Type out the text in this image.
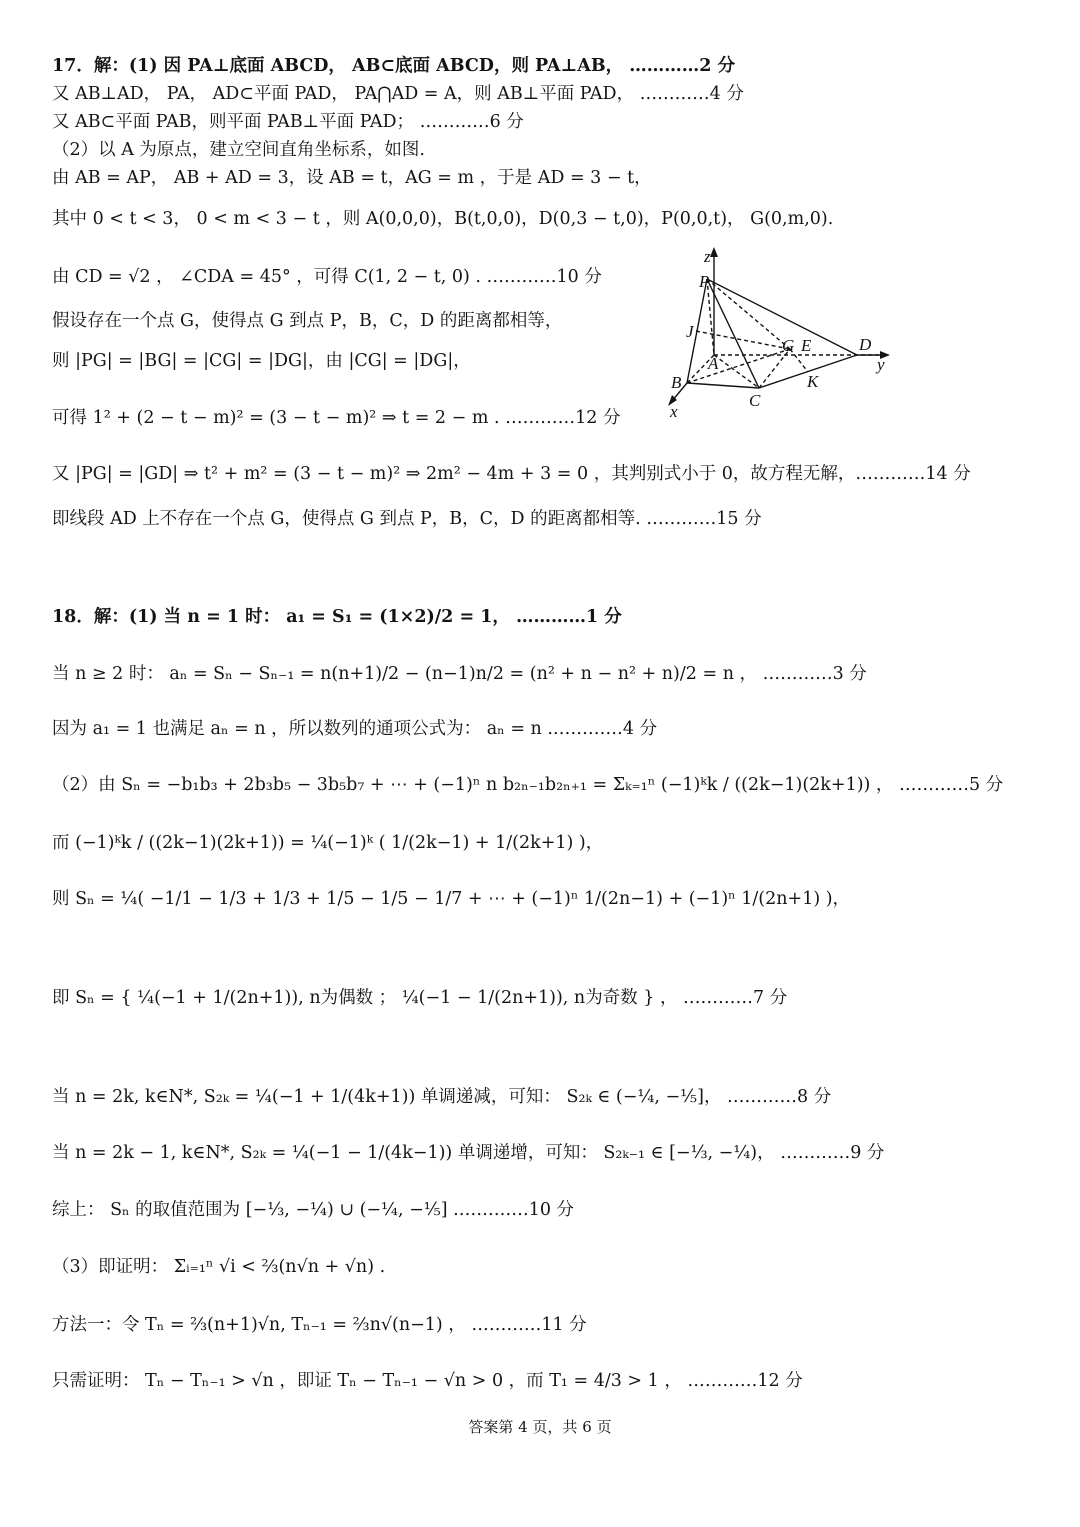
17．解：(1) 因 PA⊥底面 ABCD， AB⊂底面 ABCD，则 PA⊥AB， …………2 分
又 AB⊥AD， PA， AD⊂平面 PAD， PA⋂AD = A，则 AB⊥平面 PAD， …………4 分
又 AB⊂平面 PAB，则平面 PAB⊥平面 PAD； …………6 分
（2）以 A 为原点，建立空间直角坐标系，如图.
由 AB = AP， AB + AD = 3，设 AB = t，AG = m ，于是 AD = 3 − t，
其中 0 < t < 3， 0 < m < 3 − t ，则 A(0,0,0)，B(t,0,0)，D(0,3 − t,0)，P(0,0,t)， G(0,m,0).
由 CD = √2 ， ∠CDA = 45° ，可得 C(1, 2 − t, 0) . …………10 分
假设存在一个点 G，使得点 G 到点 P，B，C，D 的距离都相等，
则 |PG| = |BG| = |CG| = |DG|，由 |CG| = |DG|，
可得 1² + (2 − t − m)² = (3 − t − m)² ⇒ t = 2 − m . …………12 分
又 |PG| = |GD| ⇒ t² + m² = (3 − t − m)² ⇒ 2m² − 4m + 3 = 0 ，其判别式小于 0，故方程无解，…………14 分
即线段 AD 上不存在一个点 G，使得点 G 到点 P，B，C，D 的距离都相等. …………15 分
z
P
J
A
G E	D
y
B
C
K
x
18．解：(1) 当 n = 1 时： a₁ = S₁ = (1×2)/2 = 1， …………1 分
当 n ≥ 2 时： aₙ = Sₙ − Sₙ₋₁ = n(n+1)/2 − (n−1)n/2 = (n² + n − n² + n)/2 = n ， …………3 分
因为 a₁ = 1 也满足 aₙ = n ，所以数列的通项公式为： aₙ = n .…………4 分
（2）由 Sₙ = −b₁b₃ + 2b₃b₅ − 3b₅b₇ + ⋯ + (−1)ⁿ n b₂ₙ₋₁b₂ₙ₊₁ = Σₖ₌₁ⁿ (−1)ᵏk / ((2k−1)(2k+1)) ， …………5 分
而 (−1)ᵏk / ((2k−1)(2k+1)) = ¼(−1)ᵏ ( 1/(2k−1) + 1/(2k+1) )，
则 Sₙ = ¼( −1/1 − 1/3 + 1/3 + 1/5 − 1/5 − 1/7 + ⋯ + (−1)ⁿ 1/(2n−1) + (−1)ⁿ 1/(2n+1) )，
即 Sₙ = { ¼(−1 + 1/(2n+1)), n为偶数 ； ¼(−1 − 1/(2n+1)), n为奇数 } ， …………7 分
当 n = 2k, k∈N*, S₂ₖ = ¼(−1 + 1/(4k+1)) 单调递减，可知： S₂ₖ ∈ (−¼, −⅕]， …………8 分
当 n = 2k − 1, k∈N*, S₂ₖ = ¼(−1 − 1/(4k−1)) 单调递增，可知： S₂ₖ₋₁ ∈ [−⅓, −¼)， …………9 分
综上： Sₙ 的取值范围为 [−⅓, −¼) ∪ (−¼, −⅕] .…………10 分
（3）即证明： Σᵢ₌₁ⁿ √i < ⅔(n√n + √n) .
方法一：令 Tₙ = ⅔(n+1)√n, Tₙ₋₁ = ⅔n√(n−1) ， …………11 分
只需证明： Tₙ − Tₙ₋₁ > √n ，即证 Tₙ − Tₙ₋₁ − √n > 0 ，而 T₁ = 4/3 > 1 ， …………12 分
答案第 4 页，共 6 页
